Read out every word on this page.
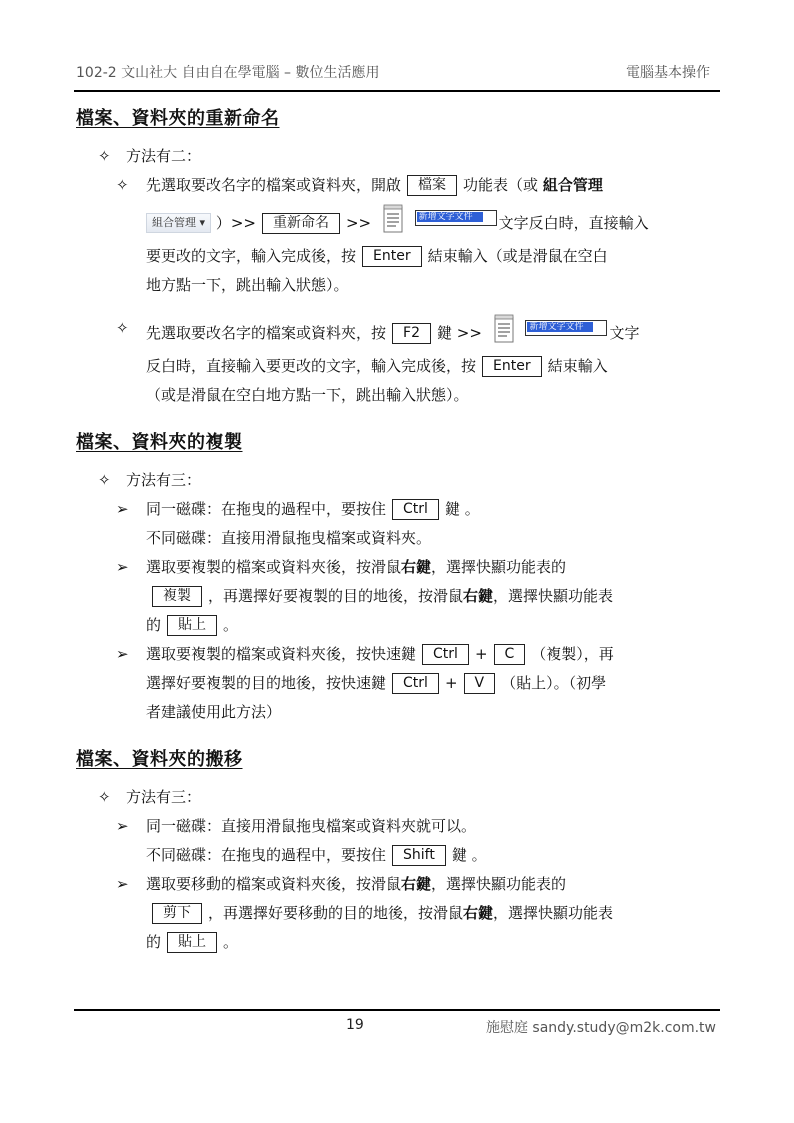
102-2 文山社大 自由自在學電腦 – 數位生活應用	電腦基本操作
檔案、資料夾的重新命名
✧ 方法有二：
✧ 先選取要改名字的檔案或資料夾，開啟 檔案 功能表（或 組合管理
組合管理 ▾ ）>> 重新命名 >>	新增文字文件	文字反白時，直接輸入
要更改的文字，輸入完成後，按 Enter 結束輸入（或是滑鼠在空白
地方點一下，跳出輸入狀態）。
✧ 先選取要改名字的檔案或資料夾，按 F2 鍵 >>	新增文字文件	文字
反白時，直接輸入要更改的文字，輸入完成後，按 Enter 結束輸入
（或是滑鼠在空白地方點一下，跳出輸入狀態）。
檔案、資料夾的複製
✧ 方法有三：
➢ 同一磁碟：在拖曳的過程中，要按住 Ctrl 鍵 。
不同磁碟：直接用滑鼠拖曳檔案或資料夾。
➢ 選取要複製的檔案或資料夾後，按滑鼠右鍵，選擇快顯功能表的
複製 ，再選擇好要複製的目的地後，按滑鼠右鍵，選擇快顯功能表
的 貼上 。
➢ 選取要複製的檔案或資料夾後，按快速鍵 Ctrl + C （複製），再
選擇好要複製的目的地後，按快速鍵 Ctrl + V （貼上）。（初學
者建議使用此方法）
檔案、資料夾的搬移
✧ 方法有三：
➢ 同一磁碟：直接用滑鼠拖曳檔案或資料夾就可以。
不同磁碟：在拖曳的過程中，要按住 Shift 鍵 。
➢ 選取要移動的檔案或資料夾後，按滑鼠右鍵，選擇快顯功能表的
剪下 ，再選擇好要移動的目的地後，按滑鼠右鍵，選擇快顯功能表
的 貼上 。
19	施慰庭 sandy.study@m2k.com.tw
